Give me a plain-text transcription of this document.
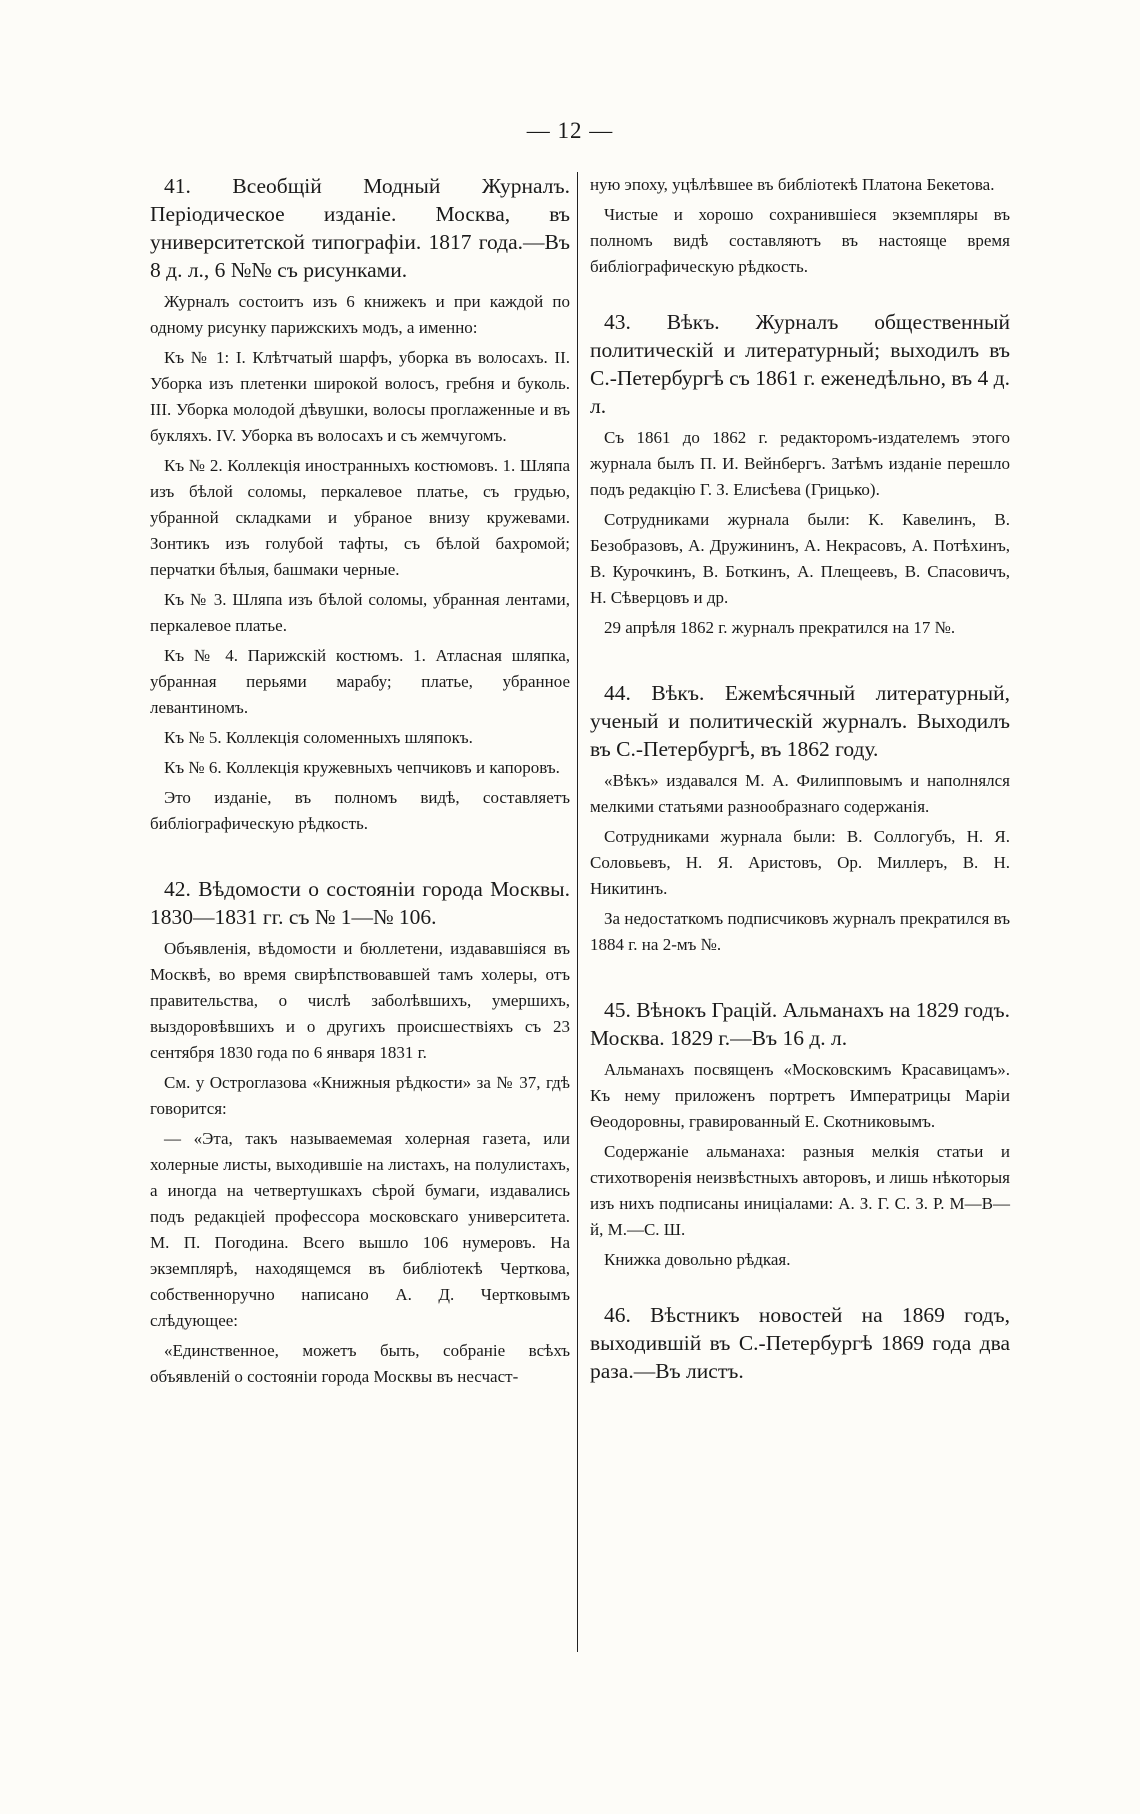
— 12 —

41. Всеобщій Модный Журналъ. Періодическое изданіе. Москва, въ университетской типографіи. 1817 года.—Въ 8 д. л., 6 №№ съ рисунками.

Журналъ состоитъ изъ 6 книжекъ и при каждой по одному рисунку парижскихъ модъ, а именно:

Къ № 1: I. Клѣтчатый шарфъ, уборка въ волосахъ. II. Уборка изъ плетенки широкой волосъ, гребня и буколь. III. Уборка молодой дѣвушки, волосы проглаженные и въ букляхъ. IV. Уборка въ волосахъ и съ жемчугомъ.

Къ № 2. Коллекція иностранныхъ костюмовъ. 1. Шляпа изъ бѣлой соломы, перкалевое платье, съ грудью, убранной складками и убраное внизу кружевами. Зонтикъ изъ голубой тафты, съ бѣлой бахромой; перчатки бѣлыя, башмаки черные.

Къ № 3. Шляпа изъ бѣлой соломы, убранная лентами, перкалевое платье.

Къ № 4. Парижскій костюмъ. 1. Атласная шляпка, убранная перьями марабу; платье, убранное левантиномъ.

Къ № 5. Коллекція соломенныхъ шляпокъ.

Къ № 6. Коллекція кружевныхъ чепчиковъ и капоровъ.

Это изданіе, въ полномъ видѣ, составляетъ библіографическую рѣдкость.

42. Вѣдомости о состояніи города Москвы. 1830—1831 гг. съ № 1—№ 106.

Объявленія, вѣдомости и бюллетени, издававшіяся въ Москвѣ, во время свирѣпствовавшей тамъ холеры, отъ правительства, о числѣ заболѣвшихъ, умершихъ, выздоровѣвшихъ и о другихъ происшествіяхъ съ 23 сентября 1830 года по 6 января 1831 г.

См. у Остроглазова «Книжныя рѣдкости» за № 37, гдѣ говорится:

— «Эта, такъ называемемая холерная газета, или холерные листы, выходившіе на листахъ, на полулистахъ, а иногда на четвертушкахъ сѣрой бумаги, издавались подъ редакціей профессора московскаго университета. М. П. Погодина. Всего вышло 106 нумеровъ. На экземплярѣ, находящемся въ библіотекѣ Черткова, собственноручно написано А. Д. Чертковымъ слѣдующее:

«Единственное, можетъ быть, собраніе всѣхъ объявленій о состояніи города Москвы въ несчаст-

ную эпоху, уцѣлѣвшее въ библіотекѣ Платона Бекетова.

Чистые и хорошо сохранившіеся экземпляры въ полномъ видѣ составляютъ въ настояще время библіографическую рѣдкость.

43. Вѣкъ. Журналъ общественный политическій и литературный; выходилъ въ С.-Петербургѣ съ 1861 г. еженедѣльно, въ 4 д. л.

Съ 1861 до 1862 г. редакторомъ-издателемъ этого журнала былъ П. И. Вейнбергъ. Затѣмъ изданіе перешло подъ редакцію Г. З. Елисѣева (Грицько).

Сотрудниками журнала были: К. Кавелинъ, В. Безобразовъ, А. Дружининъ, А. Некрасовъ, А. Потѣхинъ, В. Курочкинъ, В. Боткинъ, А. Плещеевъ, В. Спасовичъ, Н. Сѣверцовъ и др.

29 апрѣля 1862 г. журналъ прекратился на 17 №.

44. Вѣкъ. Ежемѣсячный литературный, ученый и политическій журналъ. Выходилъ въ С.-Петербургѣ, въ 1862 году.

«Вѣкъ» издавался М. А. Филипповымъ и наполнялся мелкими статьями разнообразнаго содержанія.

Сотрудниками журнала были: В. Соллогубъ, Н. Я. Соловьевъ, Н. Я. Аристовъ, Ор. Миллеръ, В. Н. Никитинъ.

За недостаткомъ подписчиковъ журналъ прекратился въ 1884 г. на 2-мъ №.

45. Вѣнокъ Грацій. Альманахъ на 1829 годъ. Москва. 1829 г.—Въ 16 д. л.

Альманахъ посвященъ «Московскимъ Красавицамъ». Къ нему приложенъ портретъ Императрицы Маріи Ѳеодоровны, гравированный Е. Скотниковымъ.

Содержаніе альманаха: разныя мелкія статьи и стихотворенія неизвѣстныхъ авторовъ, и лишь нѣкоторыя изъ нихъ подписаны иниціалами: А. З. Г. С. З. Р. М—В—й, М.—С. Ш.

Книжка довольно рѣдкая.

46. Вѣстникъ новостей на 1869 годъ, выходившій въ С.-Петербургѣ 1869 года два раза.—Въ листъ.
